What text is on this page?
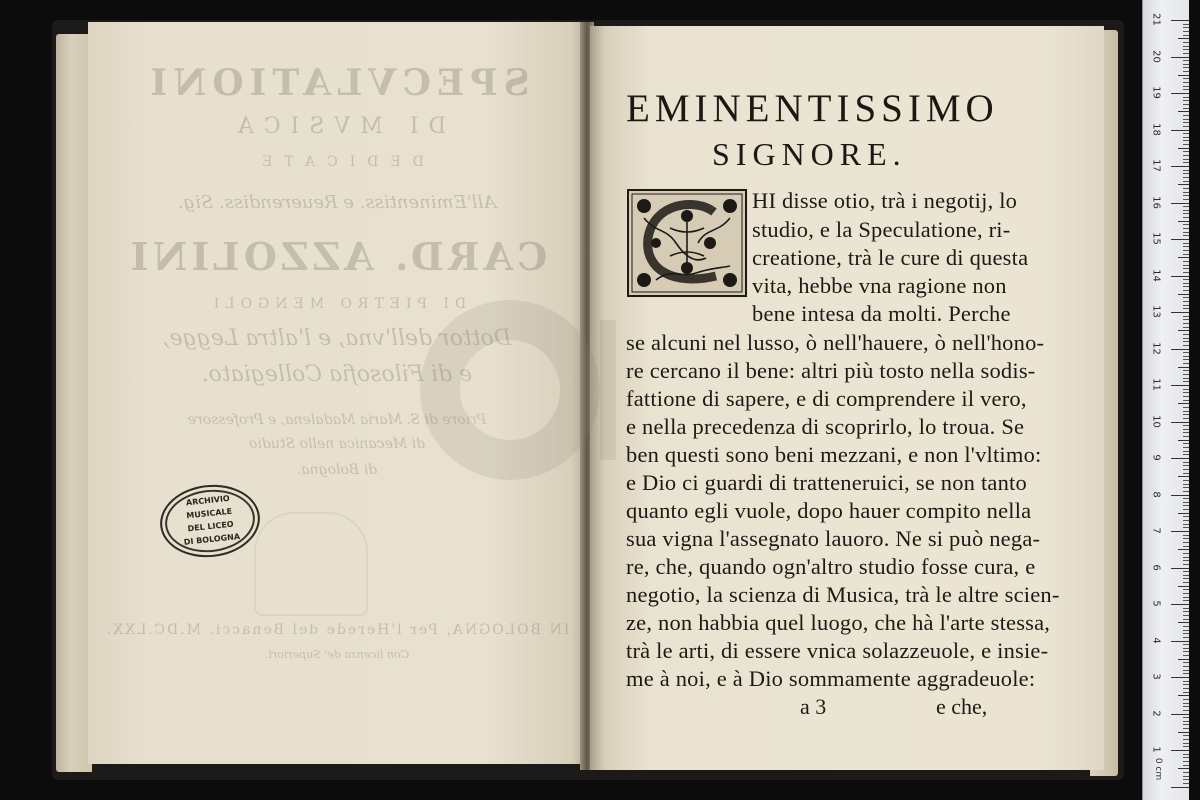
SPECVLATIONI
DI MVSICA
DEDICATE
All'Eminentiss. e Reuerendiss. Sig.
CARD. AZZOLINI
DI PIETRO MENGOLI
Dottor dell'vna, e l'altra Legge,
e di Filosofia Collegiato.
Priore di S. Maria Madalena, e Professore
di Mecanica nello Studio
di Bologna.
IN BOLOGNA, Per l'Herede del Benacci. M.DC.LXX.
Con licenza de' Superiori.
ARCHIVIO
MUSICALE
DEL LICEO
DI BOLOGNA
EMINENTISSIMO
SIGNORE.
HI disse otio, trà i negotij, lo
studio, e la Speculatione, ri-
creatione, trà le cure di questa
vita, hebbe vna ragione non
bene intesa da molti. Perche
se alcuni nel lusso, ò nell'hauere, ò nell'hono-
re cercano il bene: altri più tosto nella sodis-
fattione di sapere, e di comprendere il vero,
e nella precedenza di scoprirlo, lo troua. Se
ben questi sono beni mezzani, e non l'vltimo:
e Dio ci guardi di tratteneruici, se non tanto
quanto egli vuole, dopo hauer compito nella
sua vigna l'assegnato lauoro. Ne si può nega-
re, che, quando ogn'altro studio fosse cura, e
negotio, la scienza di Musica, trà le altre scien-
ze, non habbia quel luogo, che hà l'arte stessa,
trà le arti, di essere vnica solazzeuole, e insie-
me à noi, e à Dio sommamente aggradeuole:
a 3	e che,
0 cm
21
20
19
18
17
16
15
14
13
12
11
10
9
8
7
6
5
4
3
2
1
